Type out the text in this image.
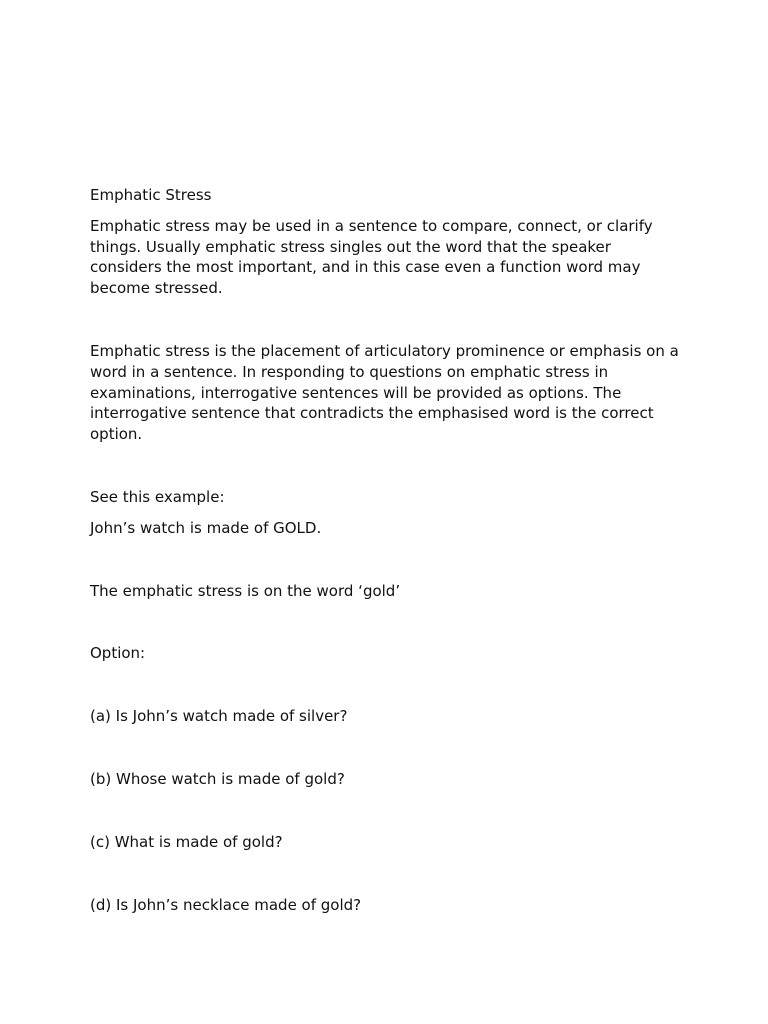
Emphatic Stress

Emphatic stress may be used in a sentence to compare, connect, or clarify things. Usually emphatic stress singles out the word that the speaker considers the most important, and in this case even a function word may become stressed.

Emphatic stress is the placement of articulatory prominence or emphasis on a word in a sentence. In responding to questions on emphatic stress in examinations, interrogative sentences will be provided as options. The interrogative sentence that contradicts the emphasised word is the correct option.

See this example:

John’s watch is made of GOLD.

The emphatic stress is on the word ‘gold’

Option:

(a) Is John’s watch made of silver?

(b) Whose watch is made of gold?

(c) What is made of gold?

(d) Is John’s necklace made of gold?
